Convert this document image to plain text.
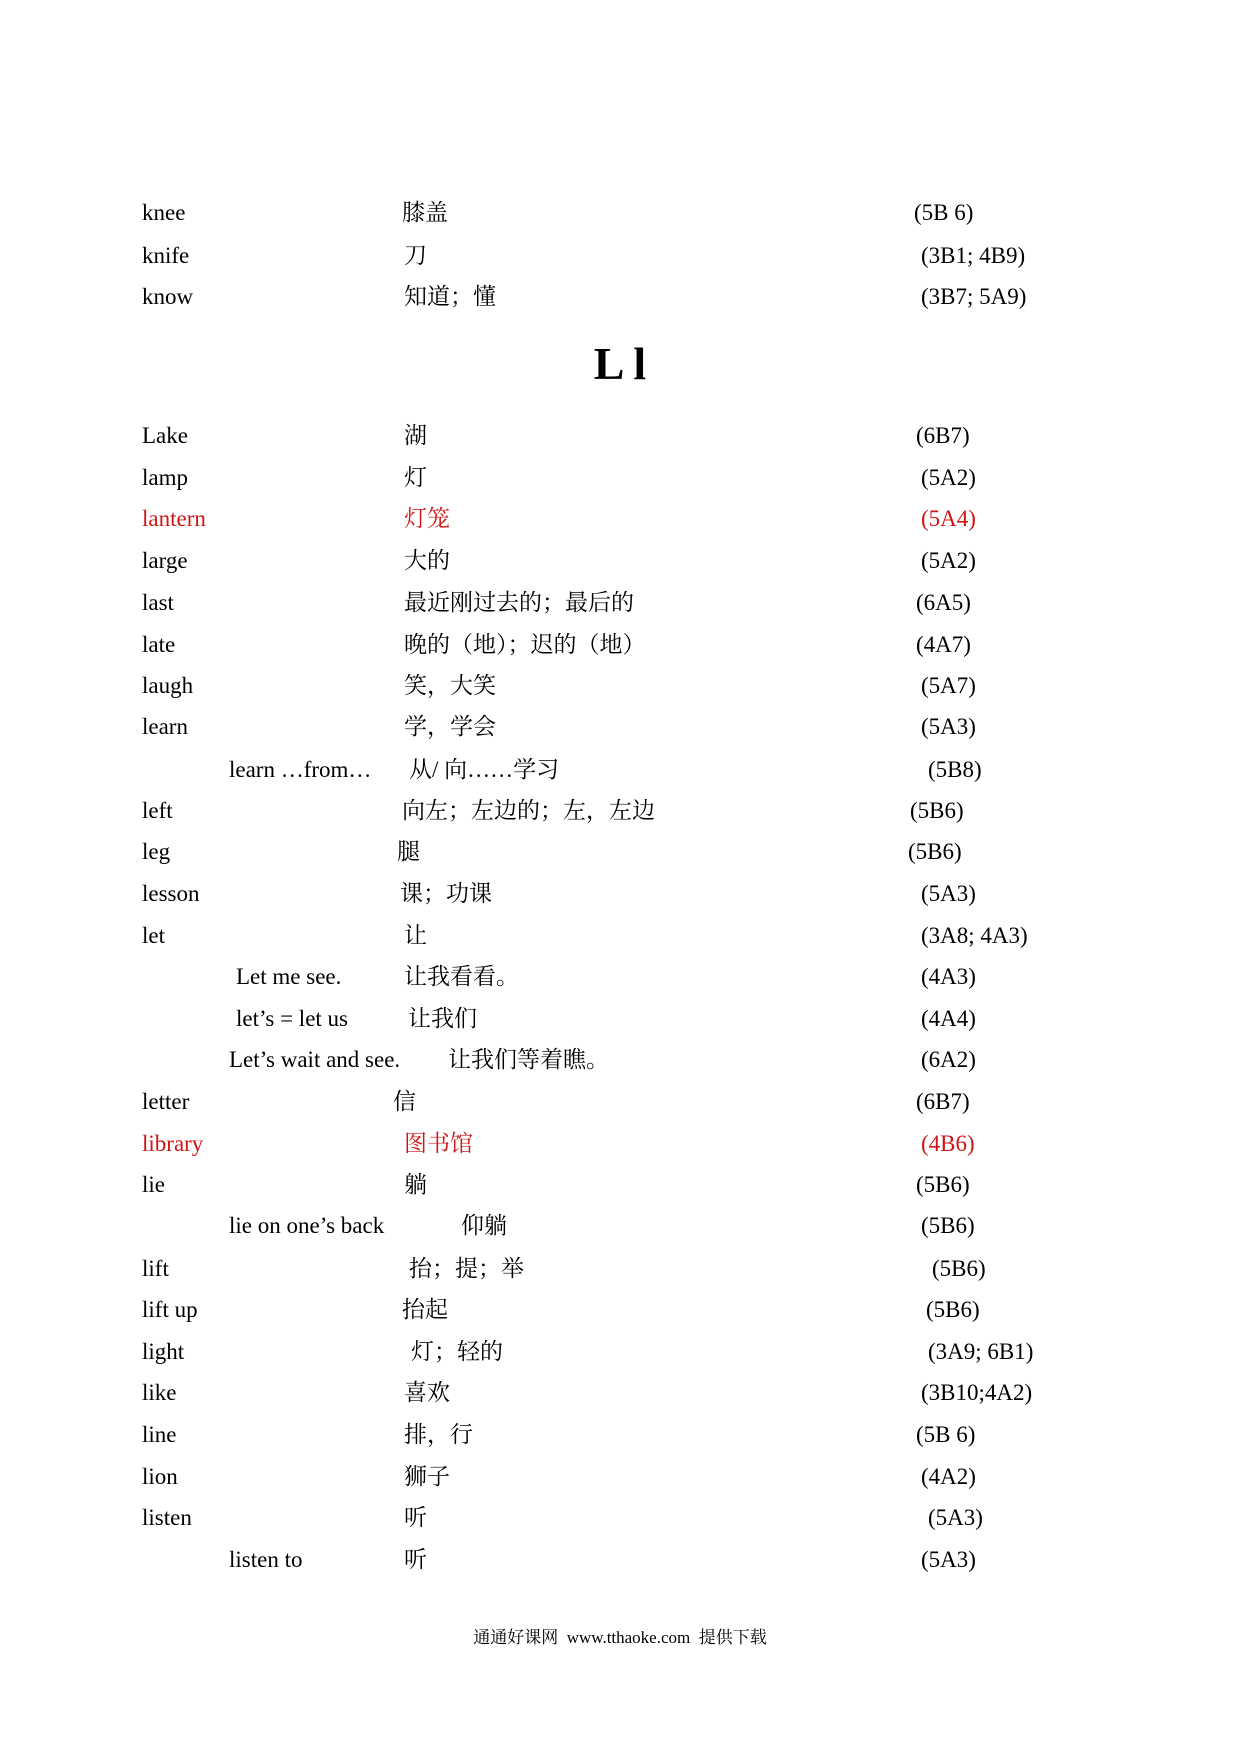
knee	膝盖	(5B 6)
knife	刀	(3B1; 4B9)
know	知道；懂	(3B7; 5A9)
L l
Lake	湖	(6B7)
lamp	灯	(5A2)
lantern	灯笼	(5A4)
large	大的	(5A2)
last	最近刚过去的；最后的	(6A5)
late	晚的（地）；迟的（地）	(4A7)
laugh	笑，大笑	(5A7)
learn	学，学会	(5A3)
learn …from… 从/ 向……学习	(5B8)
left	向左；左边的；左，左边	(5B6)
leg	腿	(5B6)
lesson	课；功课	(5A3)
let	让	(3A8; 4A3)
Let me see.	让我看看。	(4A3)
let’s = let us	让我们	(4A4)
Let’s wait and see. 让我们等着瞧。	(6A2)
letter	信	(6B7)
library	图书馆	(4B6)
lie	躺	(5B6)
lie on one’s back	仰躺	(5B6)
lift	抬；提；举	(5B6)
lift up	抬起	(5B6)
light	灯；轻的	(3A9; 6B1)
like	喜欢	(3B10;4A2)
line	排，行	(5B 6)
lion	狮子	(4A2)
listen	听	(5A3)
listen to	听	(5A3)
通通好课网  www.tthaoke.com  提供下载
